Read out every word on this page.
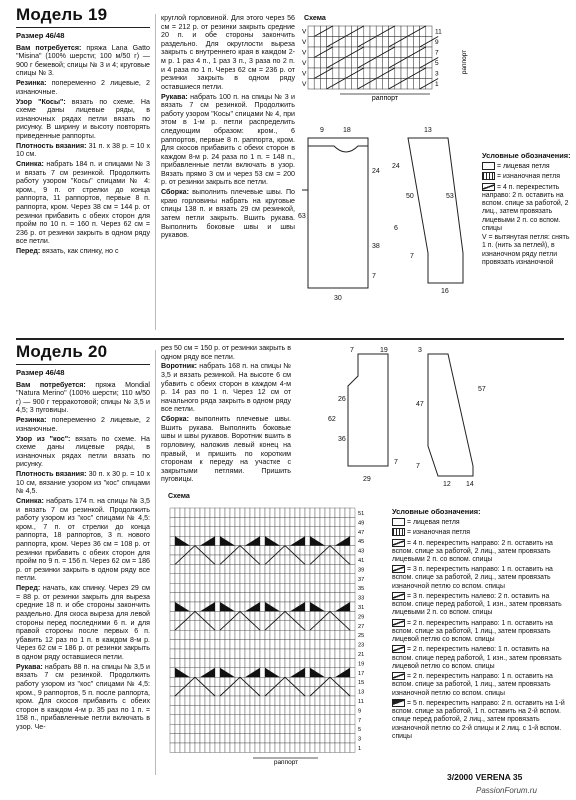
Модель 19

Размер 46/48

Вам потребуется: пряжа Lana Gatto "Misina" (100% шерсти; 100 м/50 г) — 900 г бежевой; спицы № 3 и 4; круговые спицы № 3.

Резинка: попеременно 2 лицевые, 2 изнаночные.

Узор "Косы": вязать по схеме. На схеме даны лицевые ряды, в изнаночных рядах петли вязать по рисунку. В ширину и высоту повторять приведенные раппорты.

Плотность вязания: 31 п. х 38 р. = 10 х 10 см.

Спинка: набрать 184 п. и спицами № 3 и вязать 7 см резинкой. Продолжить работу узором "Косы" спицами № 4: кром., 9 п. от стрелки до конца раппорта, 11 раппортов, первые 8 п. раппорта, кром. Через 38 см = 144 р. от резинки прибавить с обеих сторон для пройм по 10 п. = 160 п. Через 62 см = 236 р. от резинки закрыть в одном ряду все петли.

Перед: вязать, как спинку, но с

круглой горловиной. Для этого через 56 см = 212 р. от резинки закрыть средние 20 п. и обе стороны закончить раздельно. Для округлости выреза закрыть с внутреннего края в каждом 2-м р. 1 раз 4 п., 1 раз 3 п., 3 раза по 2 п. и 4 раза по 1 п. Через 62 см = 236 р. от резинки закрыть в одном ряду оставшиеся петли.

Рукава: набрать 100 п. на спицы № 3 и вязать 7 см резинкой. Продолжить работу узором "Косы" спицами № 4, при этом в 1-м р. петли распределить следующим образом: кром., 6 раппортов, первые 8 п. раппорта, кром. Для скосов прибавить с обеих сторон в каждом 8-м р. 24 раза по 1 п. = 148 п., прибавленные петли включать в узор. Вязать прямо 3 см и через 53 см = 200 р. от резинки закрыть все петли.

Сборка: выполнить плечевые швы. По краю горловины набрать на круговые спицы 138 п. и вязать 29 см резинкой, затем петли закрыть. Вшить рукава. Выполнить боковые швы и швы рукавов.

Схема
V
V
V
V
V
V	1
3
5
7
9
11
раппорт
раппорт
9	18	13
24
24
63
50
38
53
7
16
30
7
6
Условные обозначения:
= лицевая петля
= изнаночная петля
= 4 п. перекрестить направо: 2 п. оставить на вспом. спице за работой, 2 лиц., затем провязать лицевыми 2 п. со вспом. спицы
V = вытянутая петля: снять 1 п. (нить за петлей), в изнаночном ряду петли провязать изнаночной
Модель 20

Размер 46/48

Вам потребуется: пряжа Mondial "Natura Merino" (100% шерсти; 110 м/50 г) — 900 г терракотовой; спицы № 3,5 и 4,5; 3 пуговицы.

Резинка: попеременно 2 лицевые, 2 изнаночные.

Узор из "кос": вязать по схеме. На схеме даны лицевые ряды, в изнаночных рядах петли вязать по рисунку.

Плотность вязания: 30 п. х 30 р. = 10 х 10 см, вязание узором из "кос" спицами № 4,5.

Спинка: набрать 174 п. на спицы № 3,5 и вязать 7 см резинкой. Продолжить работу узором из "кос" спицами № 4,5: кром., 7 п. от стрелки до конца раппорта, 18 раппортов, 3 п. нового раппорта, кром. Через 36 см = 108 р. от резинки прибавить с обеих сторон для пройм по 9 п. = 156 п. Через 62 см = 186 р. от резинки закрыть в одном ряду все петли.

Перед: начать, как спинку. Через 29 см = 88 р. от резинки закрыть для выреза средние 18 п. и обе стороны закончить раздельно. Для скоса выреза для левой стороны перед последними 6 п. и для правой стороны после первых 6 п. убавить 12 раз по 1 п. в каждом 8-м р. Через 62 см = 186 р. от резинки закрыть в одном ряду оставшиеся петли.

Рукава: набрать 88 п. на спицы № 3,5 и вязать 7 см резинкой. Продолжить работу узором из "кос" спицами № 4,5: кром., 9 раппортов, 5 п. после раппорта, кром. Для скосов прибавить с обеих сторон в каждом 4-м р. 35 раз по 1 п. = 158 п., прибавленные петли включать в узор. Че-

рез 50 см = 150 р. от резинки закрыть в одном ряду все петли.

Воротник: набрать 168 п. на спицы № 3,5 и вязать резинкой. На высоте 6 см убавить с обеих сторон в каждом 4-м р. 14 раз по 1 п. Через 12 см от начального ряда закрыть в одном ряду все петли.

Сборка: выполнить плечевые швы. Вшить рукава. Выполнить боковые швы и швы рукавов. Воротник вшить в горловину, наложив левый конец на правый, и пришить по коротким сторонам к переду на участке с закрытыми петлями. Пришить пуговицы.

7	19	3
26
36
62
29
47
57
12 14
7
7
Схема
51
49
47
45
43
41
39
37
35
33
31
29
27
25
23
21
19
17
15
13
11
9
7
5
3
1
раппорт
Условные обозначения:
= лицевая петля
= изнаночная петля
= 4 п. перекрестить направо: 2 п. оставить на вспом. спице за работой, 2 лиц., затем провязать лицевыми 2 п. со вспом. спицы
= 3 п. перекрестить направо: 1 п. оставить на вспом. спице за работой, 2 лиц., затем провязать изнаночной петлю со вспом. спицы
= 3 п. перекрестить налево: 2 п. оставить на вспом. спице перед работой, 1 изн., затем провязать лицевыми 2 п. со вспом. спицы
= 2 п. перекрестить направо: 1 п. оставить на вспом. спице за работой, 1 лиц., затем провязать лицевой петлю со вспом. спицы
= 2 п. перекрестить налево: 1 п. оставить на вспом. спице перед работой, 1 изн., затем провязать лицевой петлю со вспом. спицы
= 2 п. перекрестить направо: 1 п. оставить на вспом. спице за работой, 1 лиц., затем провязать изнаночной петлю со вспом. спицы
= 5 п. перекрестить направо: 2 п. оставить на 1-й вспом. спице за работой, 1 п. оставить на 2-й вспом. спице перед работой, 2 лиц., затем провязать изнаночной петлю со 2-й спицы и 2 лиц. с 1-й вспом. спицы
3/2000 VERENA 35
PassionForum.ru
